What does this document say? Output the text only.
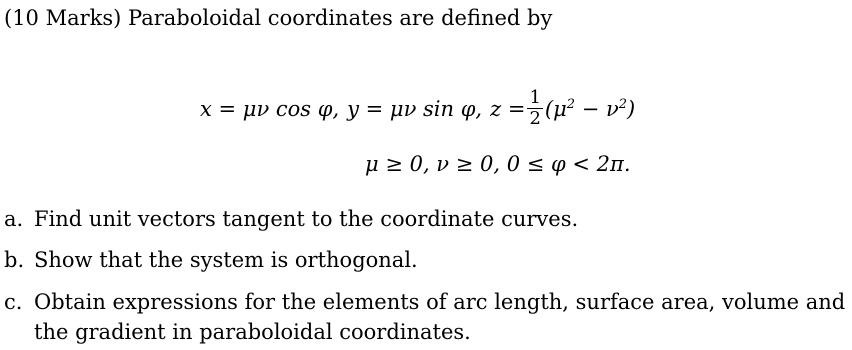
(10 Marks) Paraboloidal coordinates are defined by
x = μν cos φ, y = μν sin φ, $z = \frac{1}{2} (\mu^2 - \nu^2)$
μ ≥ 0, ν ≥ 0, 0 ≤ φ < 2π.
a. Find unit vectors tangent to the coordinate curves.
b. Show that the system is orthogonal.
c. Obtain expressions for the elements of arc length, surface area, volume and
the gradient in paraboloidal coordinates.
